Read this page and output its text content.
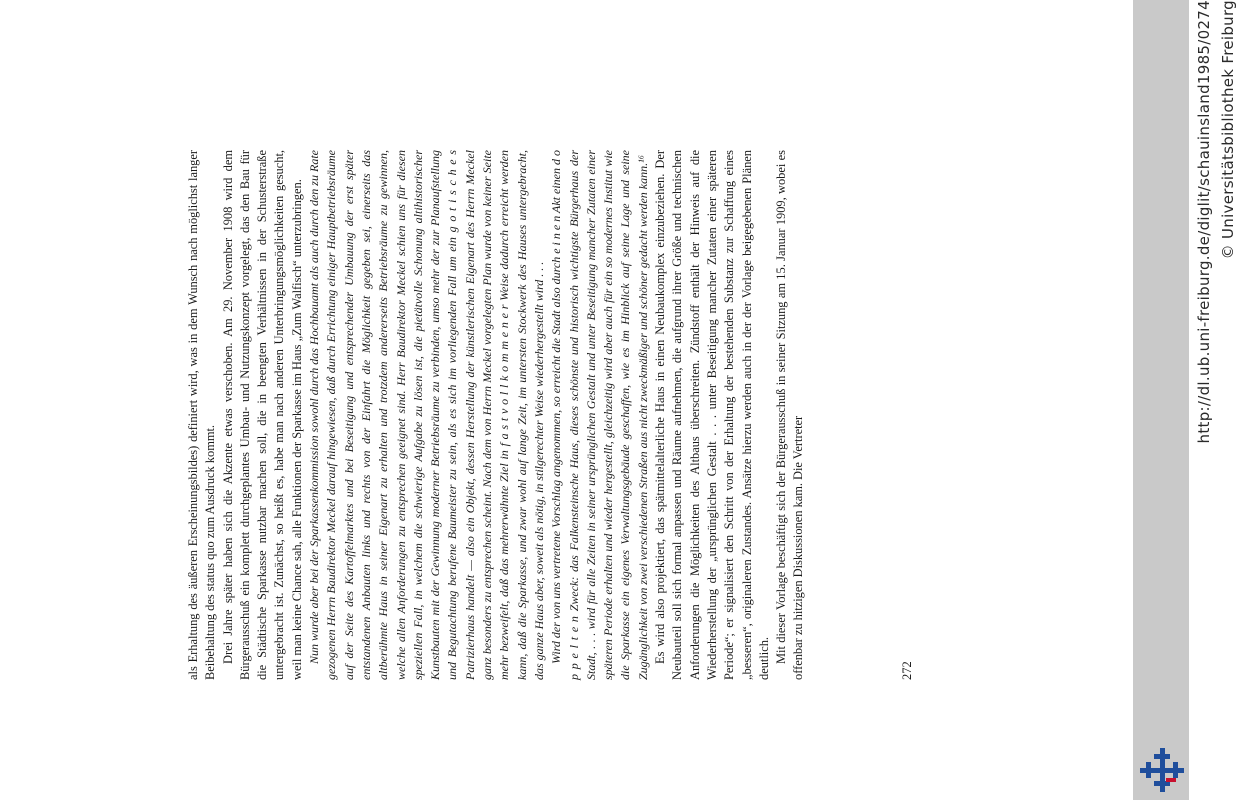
als Erhaltung des äußeren Erscheinungsbildes) definiert wird, was in dem Wunsch nach möglichst langer Beibehaltung des status quo zum Ausdruck kommt. Drei Jahre später haben sich die Akzente etwas verschoben. Am 29. November 1908 wird dem Bürgerausschuß ein komplett durchgeplantes Umbau- und Nutzungskonzept vorgelegt, das den Bau für die Städtische Sparkasse nutzbar machen soll, die in beengten Verhältnissen in der Schusterstraße untergebracht ist. Zunächst, so heißt es, habe man nach anderen Unterbringungsmöglichkeiten gesucht, weil man keine Chance sah, alle Funktionen der Sparkasse im Haus „Zum Walfisch“ unterzubringen. Nun wurde aber bei der Sparkassenkommission sowohl durch das Hochbauamt als auch durch den zu Rate gezogenen Herrn Baudirektor Meckel darauf hingewiesen, daß durch Errichtung einiger Hauptbetriebsräume auf der Seite des Kartoffelmarktes und bei Beseitigung und entsprechender Umbauung der erst später entstandenen Anbauten links und rechts von der Einfahrt die Möglichkeit gegeben sei, einerseits das altberühmte Haus in seiner Eigenart zu erhalten und trotzdem andererseits Betriebsräume zu gewinnen, welche allen Anforderungen zu entsprechen geeignet sind. Herr Baudirektor Meckel schien uns für diesen speziellen Fall, in welchem die schwierige Aufgabe zu lösen ist, die pietätvolle Schonung altihistorischer Kunstbauten mit der Gewinnung moderner Betriebsräume zu verbinden, umso mehr der zur Planaufstellung und Begutachtung berufene Baumeister zu sein, als es sich im vorliegenden Fall um ein g o t i s c h e s Patrizierhaus handelt — also ein Objekt, dessen Herstellung der künstlerischen Eigenart des Herrn Meckel ganz besonders zu entsprechen scheint. Nach dem von Herrn Meckel vorgelegten Plan wurde von keiner Seite mehr bezweifelt, daß das mehrerwähnte Ziel in f a s t v o l l k o m m e n e r Weise dadurch erreicht werden kann, daß die Sparkasse, und zwar wohl auf lange Zeit, im untersten Stockwerk des Hauses untergebracht, das ganze Haus aber, soweit als nötig, in stilgerechter Weise wiederhergestellt wird . . . Wird der von uns vertretene Vorschlag angenommen, so erreicht die Stadt also durch e i n e n Akt einen d o p p e l t e n Zweck: das Falkensteinsche Haus, dieses schönste und historisch wichtigste Bürgerhaus der Stadt, . . . wird für alle Zeiten in seiner ursprünglichen Gestalt und unter Beseitigung mancher Zutaten einer späteren Periode erhalten und wieder hergestellt, gleichzeitig wird aber auch für ein so modernes Institut wie die Sparkasse ein eigenes Verwaltungsgebäude geschaffen, wie es im Hinblick auf seine Lage und seine Zugänglichkeit von zwei verschiedenen Straßen aus nicht zweckmäßiger und schöner gedacht werden kann.¹⁶ Es wird also projektiert, das spätmittelalterliche Haus in einen Neubaukomplex einzubeziehen. Der Neubauteil soll sich formal anpassen und Räume aufnehmen, die aufgrund ihrer Größe und technischen Anforderungen die Möglichkeiten des Altbaus überschreiten. Zündstoff enthält der Hinweis auf die Wiederherstellung der „ursprünglichen Gestalt . . . unter Beseitigung mancher Zutaten einer späteren Periode“; er signalisiert den Schritt von der Erhaltung der bestehenden Substanz zur Schaffung eines „besseren“, originaleren Zustandes. Ansätze hierzu werden auch in der der Vorlage beigegebenen Plänen deutlich. Mit dieser Vorlage beschäftigt sich der Bürgerausschuß in seiner Sitzung am 15. Januar 1909, wobei es offenbar zu hitzigen Diskussionen kam. Die Vertreter	272
http://dl.ub.uni-freiburg.de/diglit/schauinsland1985/0274 © Universitätsbibliothek Freiburg
